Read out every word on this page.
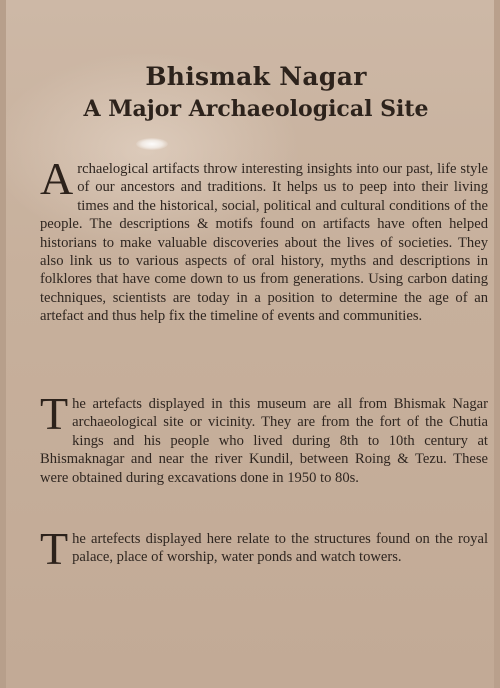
Bhismak Nagar
A Major Archaeological Site

Archaelogical artifacts throw interesting insights into our past, life style of our ancestors and traditions. It helps us to peep into their living times and the historical, social, political and cultural conditions of the people. The descriptions & motifs found on artifacts have often helped historians to make valuable discoveries about the lives of societies. They also link us to various aspects of oral history, myths and descriptions in folklores that have come down to us from generations. Using carbon dating techniques, scientists are today in a position to determine the age of an artefact and thus help fix the timeline of events and communities.

The artefacts displayed in this museum are all from Bhismak Nagar archaeological site or vicinity. They are from the fort of the Chutia kings and his people who lived during 8th to 10th century at Bhismaknagar and near the river Kundil, between Roing & Tezu. These were obtained during excavations done in 1950 to 80s.

The artefects displayed here relate to the structures found on the royal palace, place of worship, water ponds and watch towers.
